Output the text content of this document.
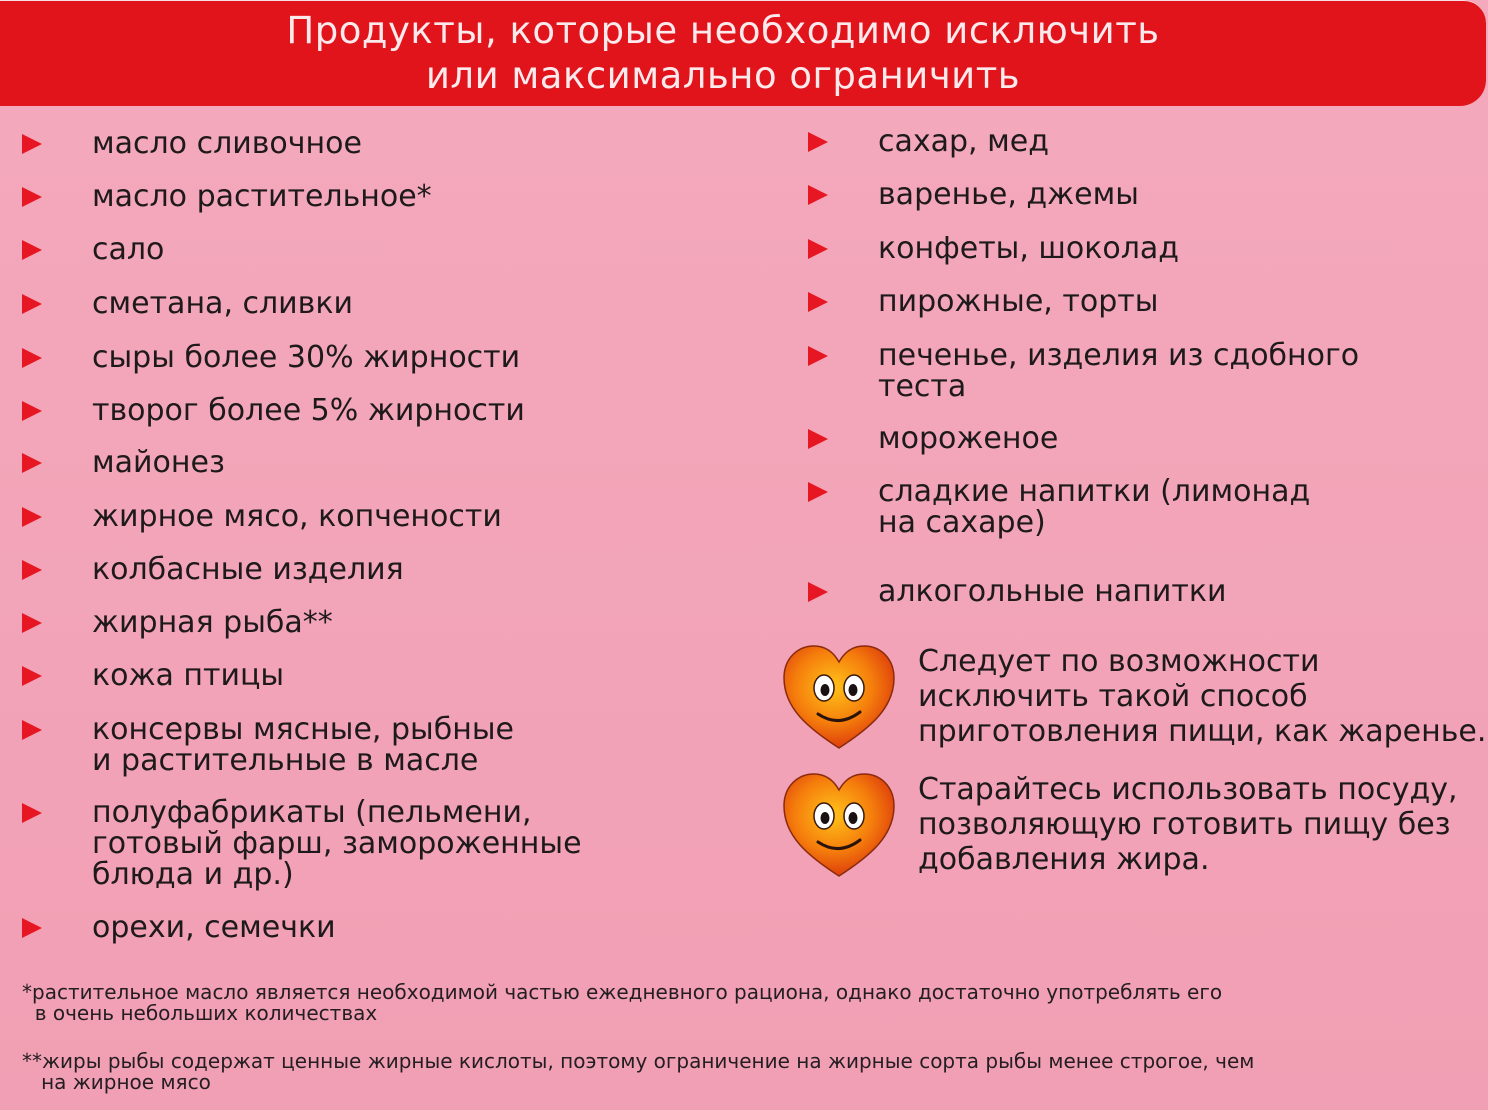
Продукты, которые необходимо исключить
или максимально ограничить
масло сливочное
масло растительное*
сало
сметана, сливки
сыры более 30% жирности
творог более 5% жирности
майонез
жирное мясо, копчености
колбасные изделия
жирная рыба**
кожа птицы
консервы мясные, рыбные
и растительные в масле
полуфабрикаты (пельмени,
готовый фарш, замороженные
блюда и др.)
орехи, семечки
сахар, мед
варенье, джемы
конфеты, шоколад
пирожные, торты
печенье, изделия из сдобного
теста
мороженое
сладкие напитки (лимонад
на сахаре)
алкогольные напитки
Следует по возможности
исключить такой способ
приготовления пищи, как жаренье.
Старайтесь использовать посуду,
позволяющую готовить пищу без
добавления жира.
*растительное масло является необходимой частью ежедневного рациона, однако достаточно употреблять его
в очень небольших количествах
**жиры рыбы содержат ценные жирные кислоты, поэтому ограничение на жирные сорта рыбы менее строгое, чем
на жирное мясо
